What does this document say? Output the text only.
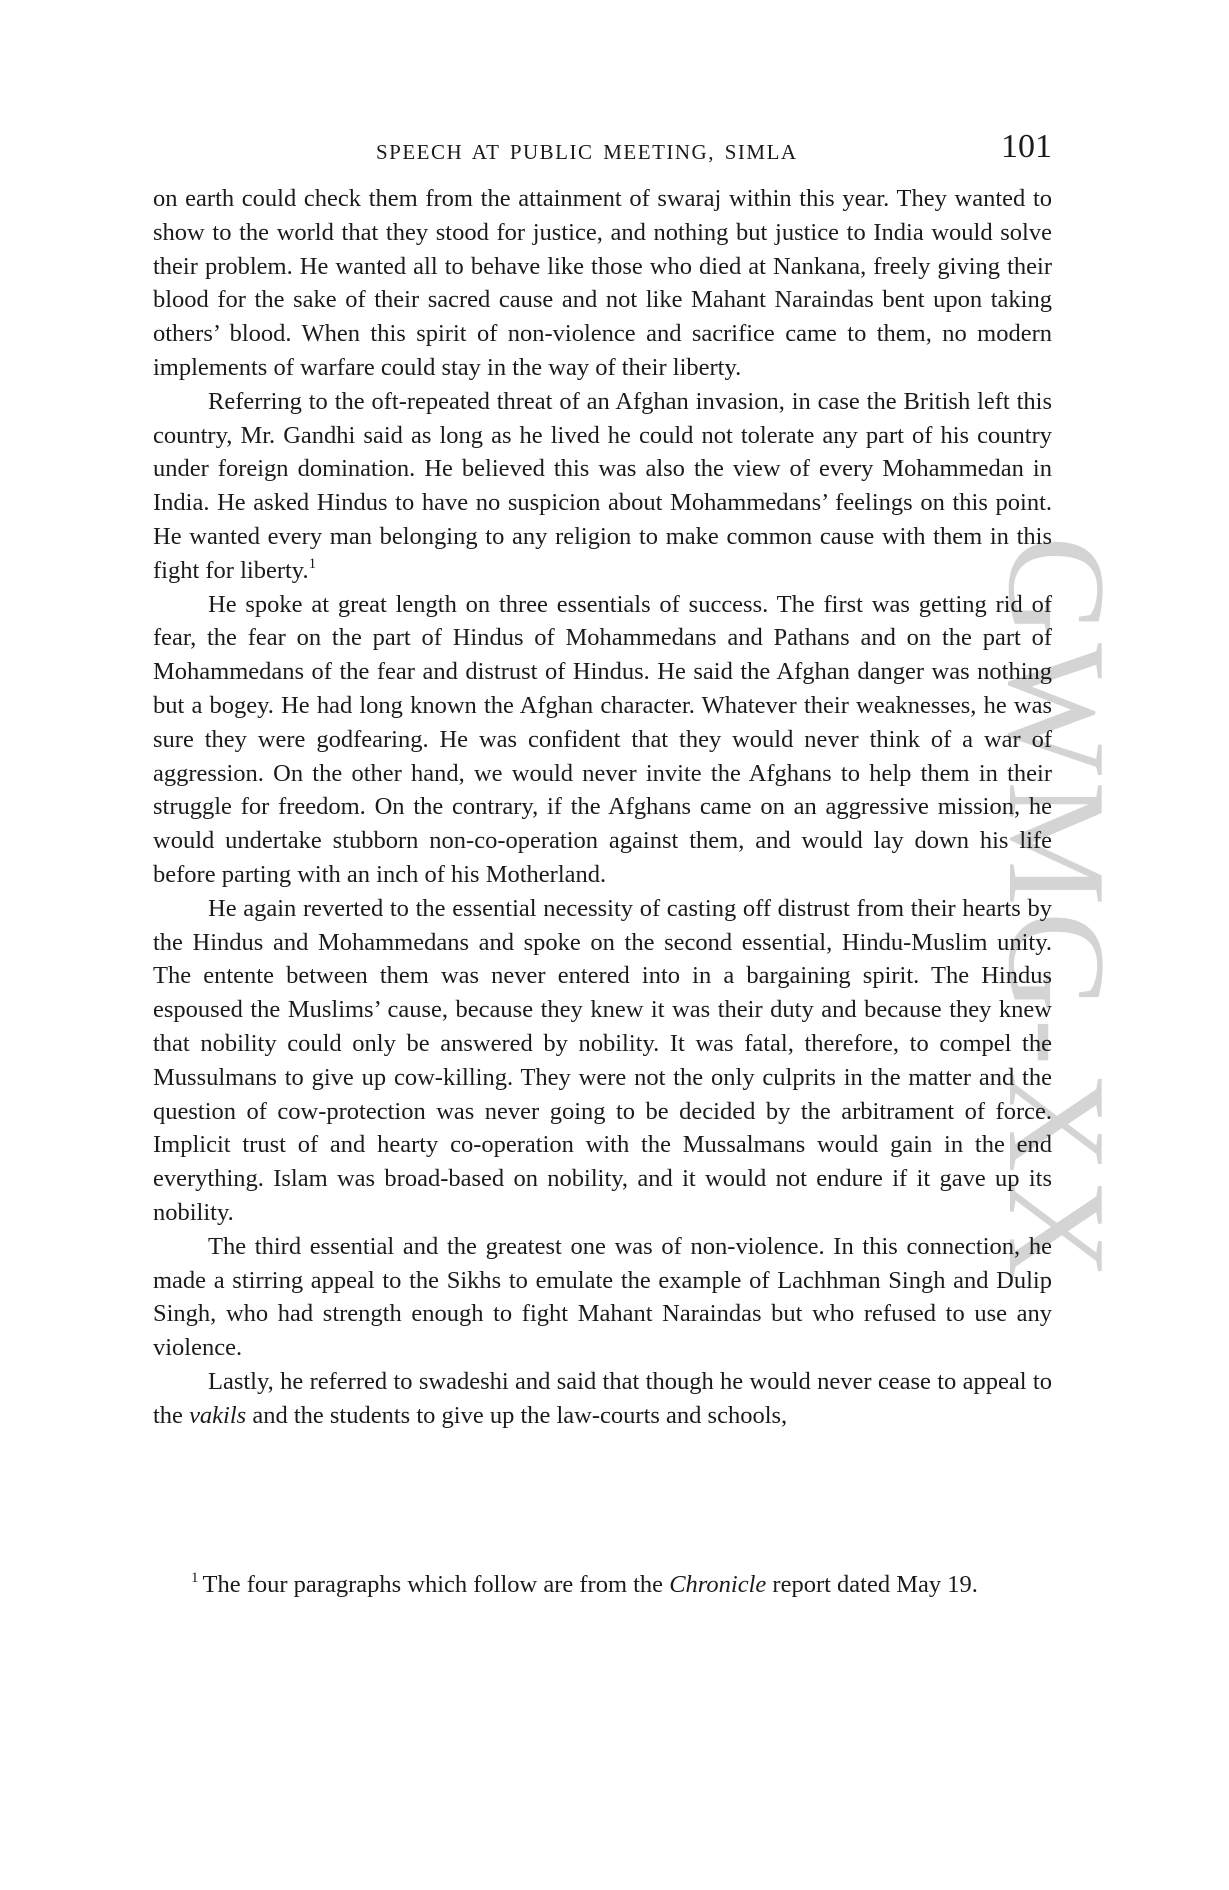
GWMG-XX
SPEECH AT PUBLIC MEETING, SIMLA	101

on earth could check them from the attainment of swaraj within this year. They wanted to show to the world that they stood for justice, and nothing but justice to India would solve their problem. He wanted all to behave like those who died at Nankana, freely giving their blood for the sake of their sacred cause and not like Mahant Naraindas bent upon taking others’ blood. When this spirit of non-violence and sacrifice came to them, no modern implements of warfare could stay in the way of their liberty.

Referring to the oft-repeated threat of an Afghan invasion, in case the British left this country, Mr. Gandhi said as long as he lived he could not tolerate any part of his country under foreign domination. He believed this was also the view of every Mohammedan in India. He asked Hindus to have no suspicion about Mohammedans’ feelings on this point. He wanted every man belonging to any religion to make common cause with them in this fight for liberty.$^1$

He spoke at great length on three essentials of success. The first was getting rid of fear, the fear on the part of Hindus of Mohammedans and Pathans and on the part of Mohammedans of the fear and distrust of Hindus. He said the Afghan danger was nothing but a bogey. He had long known the Afghan character. Whatever their weaknesses, he was sure they were godfearing. He was confident that they would never think of a war of aggression. On the other hand, we would never invite the Afghans to help them in their struggle for freedom. On the contrary, if the Afghans came on an aggressive mission, he would undertake stubborn non-co-operation against them, and would lay down his life before parting with an inch of his Motherland.

He again reverted to the essential necessity of casting off distrust from their hearts by the Hindus and Mohammedans and spoke on the second essential, Hindu-Muslim unity. The entente between them was never entered into in a bargaining spirit. The Hindus espoused the Muslims’ cause, because they knew it was their duty and because they knew that nobility could only be answered by nobility. It was fatal, therefore, to compel the Mussulmans to give up cow-killing. They were not the only culprits in the matter and the question of cow-protection was never going to be decided by the arbitrament of force. Implicit trust of and hearty co-operation with the Mussalmans would gain in the end everything. Islam was broad-based on nobility, and it would not endure if it gave up its nobility.

The third essential and the greatest one was of non-violence. In this connection, he made a stirring appeal to the Sikhs to emulate the example of Lachhman Singh and Dulip Singh, who had strength enough to fight Mahant Naraindas but who refused to use any violence.

Lastly, he referred to swadeshi and said that though he would never cease to appeal to the vakils and the students to give up the law-courts and schools,

$^1$ The four paragraphs which follow are from the Chronicle report dated May 19.
